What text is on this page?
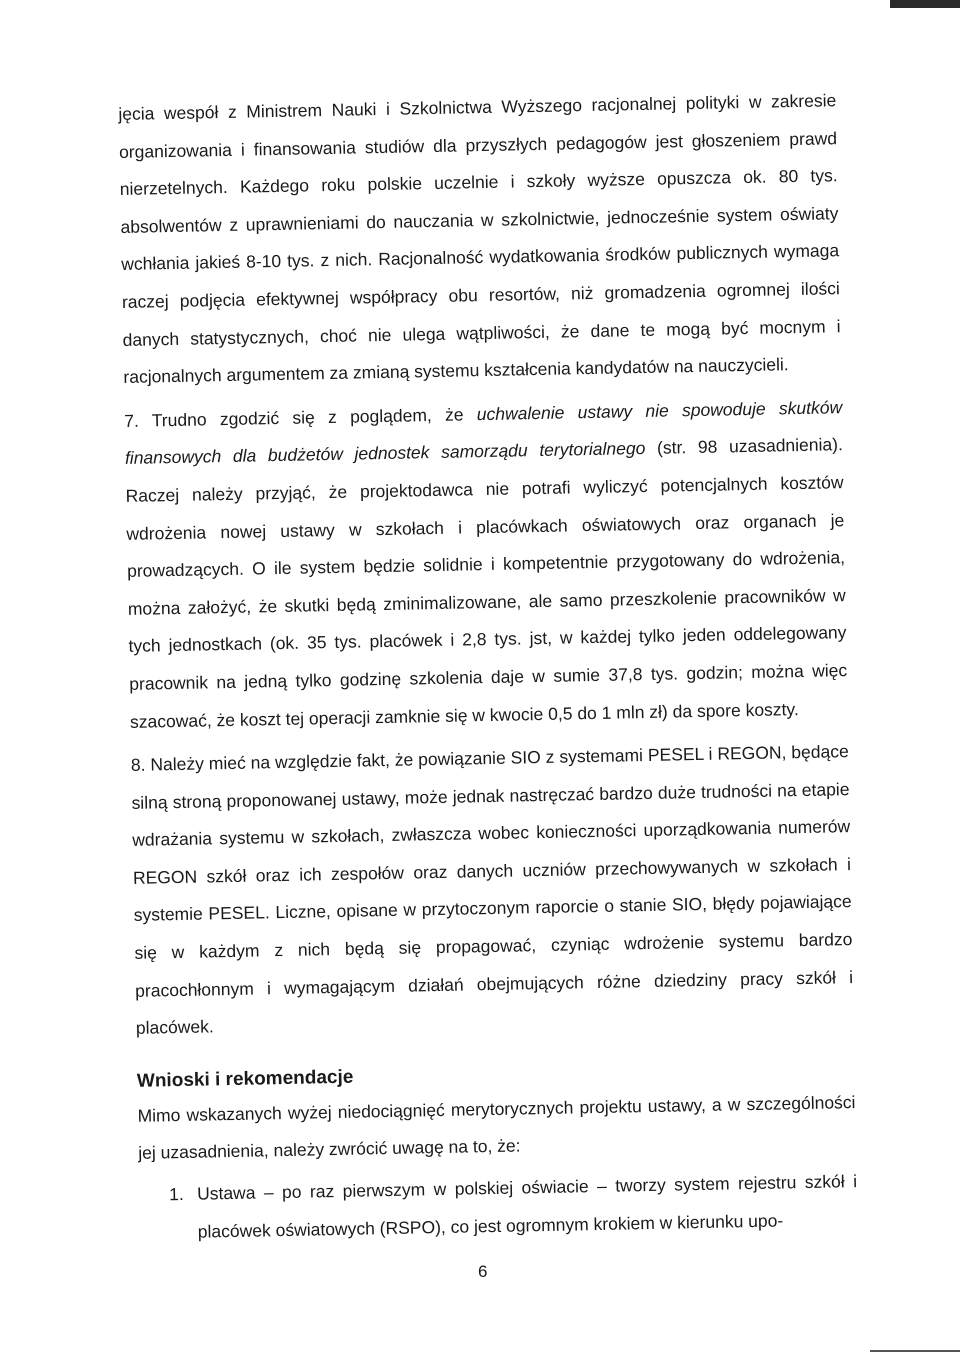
jęcia wespół z Ministrem Nauki i Szkolnictwa Wyższego racjonalnej polityki w zakresie organizowania i finansowania studiów dla przyszłych pedagogów jest głoszeniem prawd nierzetelnych. Każdego roku polskie uczelnie i szkoły wyższe opuszcza ok. 80 tys. absolwentów z uprawnieniami do nauczania w szkolnictwie, jednocześnie system oświaty wchłania jakieś 8-10 tys. z nich. Racjonalność wydatkowania środków publicznych wymaga raczej podjęcia efektywnej współpracy obu resortów, niż gromadzenia ogromnej ilości danych statystycznych, choć nie ulega wątpliwości, że dane te mogą być mocnym i racjonalnych argumentem za zmianą systemu kształcenia kandydatów na nauczycieli.

7. Trudno zgodzić się z poglądem, że uchwalenie ustawy nie spowoduje skutków finansowych dla budżetów jednostek samorządu terytorialnego (str. 98 uzasadnienia). Raczej należy przyjąć, że projektodawca nie potrafi wyliczyć potencjalnych kosztów wdrożenia nowej ustawy w szkołach i placówkach oświatowych oraz organach je prowadzących. O ile system będzie solidnie i kompetentnie przygotowany do wdrożenia, można założyć, że skutki będą zminimalizowane, ale samo przeszkolenie pracowników w tych jednostkach (ok. 35 tys. placówek i 2,8 tys. jst, w każdej tylko jeden oddelegowany pracownik na jedną tylko godzinę szkolenia daje w sumie 37,8 tys. godzin; można więc szacować, że koszt tej operacji zamknie się w kwocie 0,5 do 1 mln zł) da spore koszty.

8. Należy mieć na względzie fakt, że powiązanie SIO z systemami PESEL i REGON, będące silną stroną proponowanej ustawy, może jednak nastręczać bardzo duże trudności na etapie wdrażania systemu w szkołach, zwłaszcza wobec konieczności uporządkowania numerów REGON szkół oraz ich zespołów oraz danych uczniów przechowywanych w szkołach i systemie PESEL. Liczne, opisane w przytoczonym raporcie o stanie SIO, błędy pojawiające się w każdym z nich będą się propagować, czyniąc wdrożenie systemu bardzo pracochłonnym i wymagającym działań obejmujących różne dziedziny pracy szkół i placówek.

Wnioski i rekomendacje

Mimo wskazanych wyżej niedociągnięć merytorycznych projektu ustawy, a w szczególności jej uzasadnienia, należy zwrócić uwagę na to, że:

1. Ustawa – po raz pierwszym w polskiej oświacie – tworzy system rejestru szkół i placówek oświatowych (RSPO), co jest ogromnym krokiem w kierunku upo-
6
